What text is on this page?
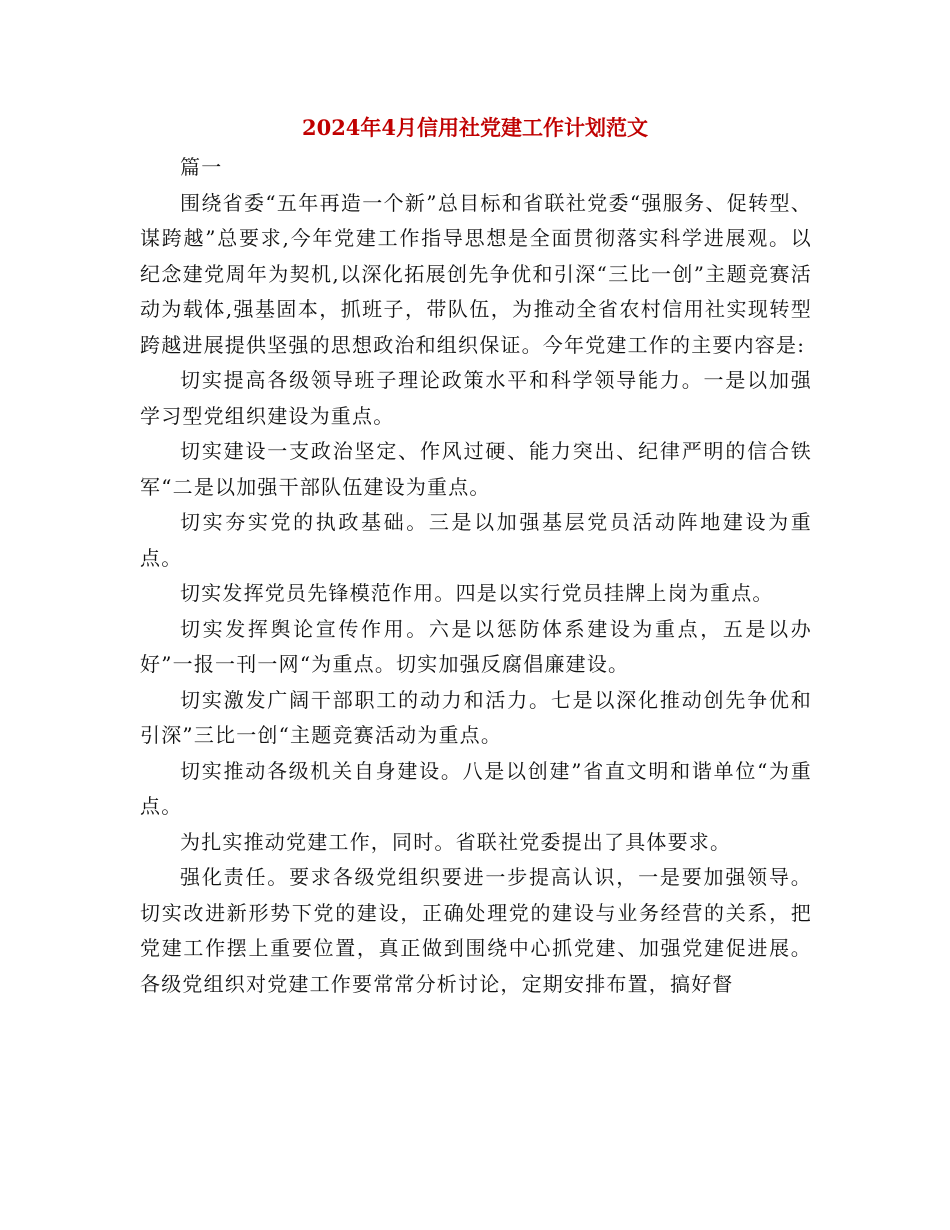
2024年4月信用社党建工作计划范文

篇一

围绕省委“五年再造一个新”总目标和省联社党委“强服务、促转型、谋跨越”总要求,今年党建工作指导思想是全面贯彻落实科学进展观。以纪念建党周年为契机,以深化拓展创先争优和引深“三比一创”主题竞赛活动为载体,强基固本，抓班子，带队伍，为推动全省农村信用社实现转型跨越进展提供坚强的思想政治和组织保证。今年党建工作的主要内容是:

切实提高各级领导班子理论政策水平和科学领导能力。一是以加强学习型党组织建设为重点。

切实建设一支政治坚定、作风过硬、能力突出、纪律严明的信合铁军“二是以加强干部队伍建设为重点。

切实夯实党的执政基础。三是以加强基层党员活动阵地建设为重点。

切实发挥党员先锋模范作用。四是以实行党员挂牌上岗为重点。

切实发挥舆论宣传作用。六是以惩防体系建设为重点，五是以办好”一报一刊一网“为重点。切实加强反腐倡廉建设。

切实激发广阔干部职工的动力和活力。七是以深化推动创先争优和引深”三比一创“主题竞赛活动为重点。

切实推动各级机关自身建设。八是以创建”省直文明和谐单位“为重点。

为扎实推动党建工作，同时。省联社党委提出了具体要求。

强化责任。要求各级党组织要进一步提高认识，一是要加强领导。切实改进新形势下党的建设，正确处理党的建设与业务经营的关系，把党建工作摆上重要位置，真正做到围绕中心抓党建、加强党建促进展。各级党组织对党建工作要常常分析讨论，定期安排布置，搞好督
